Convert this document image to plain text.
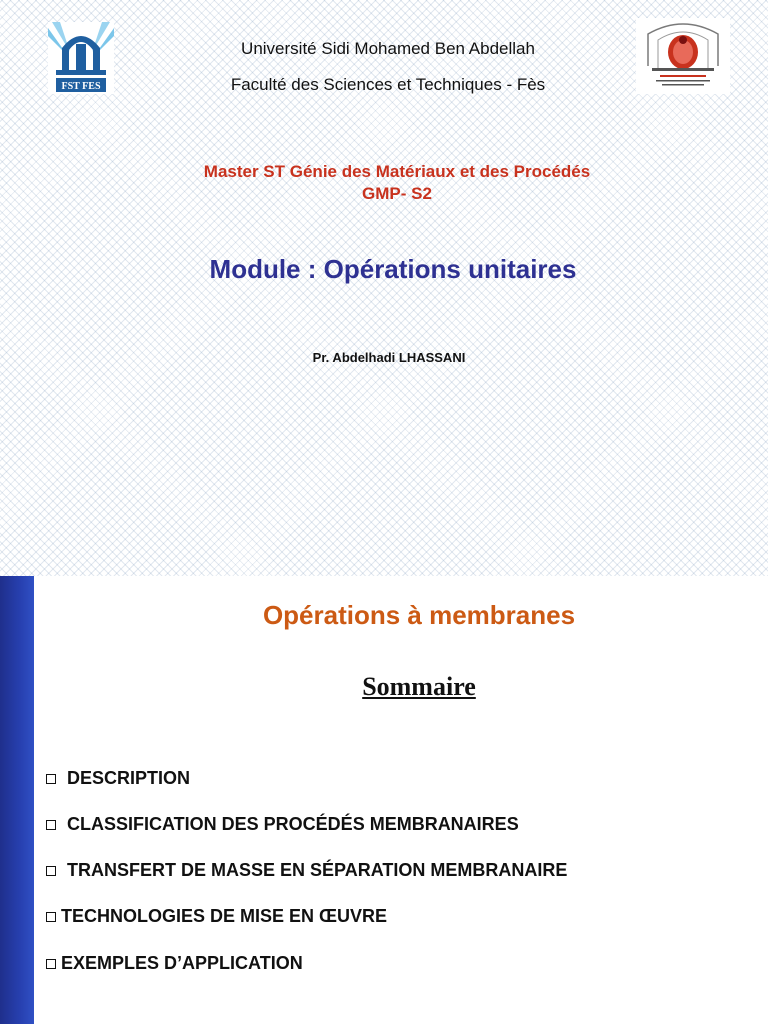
FST FES
Université Sidi Mohamed Ben Abdellah
Faculté des Sciences et Techniques - Fès
Master ST Génie des Matériaux et des Procédés
GMP- S2
Module : Opérations unitaires
Pr. Abdelhadi LHASSANI
Opérations à membranes
Sommaire
DESCRIPTION
CLASSIFICATION DES PROCÉDÉS MEMBRANAIRES
TRANSFERT DE MASSE EN SÉPARATION MEMBRANAIRE
TECHNOLOGIES DE MISE EN ŒUVRE
EXEMPLES D’APPLICATION
